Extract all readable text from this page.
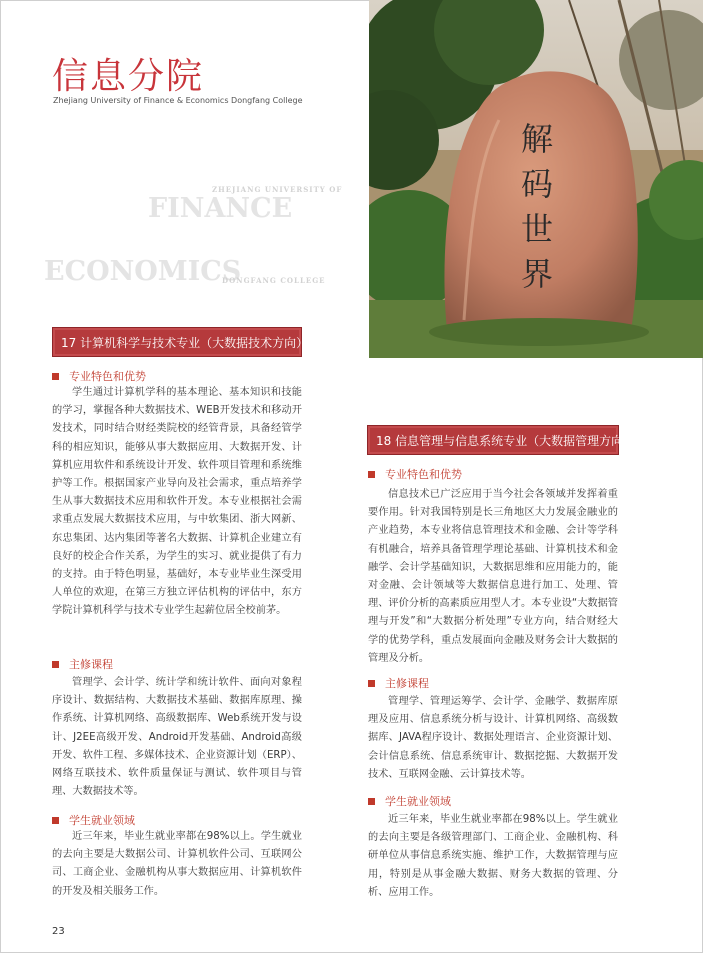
信息分院
Zhejiang University of Finance & Economics Dongfang College
ZHEJIANG UNIVERSITY OF
FINANCE
ECONOMICS
DONGFANG COLLEGE
解
码
世
界
17 计算机科学与技术专业（大数据技术方向）
专业特色和优势
学生通过计算机学科的基本理论、基本知识和技能的学习，掌握各种大数据技术、WEB开发技术和移动开发技术，同时结合财经类院校的经管背景，具备经管学科的相应知识，能够从事大数据应用、大数据开发、计算机应用软件和系统设计开发、软件项目管理和系统维护等工作。根据国家产业导向及社会需求，重点培养学生从事大数据技术应用和软件开发。本专业根据社会需求重点发展大数据技术应用，与中软集团、浙大网新、东忠集团、达内集团等著名大数据、计算机企业建立有良好的校企合作关系，为学生的实习、就业提供了有力的支持。由于特色明显，基础好，本专业毕业生深受用人单位的欢迎，在第三方独立评估机构的评估中，东方学院计算机科学与技术专业学生起薪位居全校前茅。
主修课程
管理学、会计学、统计学和统计软件、面向对象程序设计、数据结构、大数据技术基础、数据库原理、操作系统、计算机网络、高级数据库、Web系统开发与设计、J2EE高级开发、Android开发基础、Android高级开发、软件工程、多媒体技术、企业资源计划（ERP）、网络互联技术、软件质量保证与测试、软件项目与管理、大数据技术等。
学生就业领域
近三年来，毕业生就业率都在98%以上。学生就业的去向主要是大数据公司、计算机软件公司、互联网公司、工商企业、金融机构从事大数据应用、计算机软件的开发及相关服务工作。
18 信息管理与信息系统专业（大数据管理方向）
专业特色和优势
信息技术已广泛应用于当今社会各领域并发挥着重要作用。针对我国特别是长三角地区大力发展金融业的产业趋势，本专业将信息管理技术和金融、会计等学科有机融合，培养具备管理学理论基础、计算机技术和金融学、会计学基础知识，大数据思维和应用能力的，能对金融、会计领域等大数据信息进行加工、处理、管理、评价分析的高素质应用型人才。本专业设“大数据管理与开发”和“大数据分析处理”专业方向，结合财经大学的优势学科，重点发展面向金融及财务会计大数据的管理及分析。
主修课程
管理学、管理运筹学、会计学、金融学、数据库原理及应用、信息系统分析与设计、计算机网络、高级数据库、JAVA程序设计、数据处理语言、企业资源计划、会计信息系统、信息系统审计、数据挖掘、大数据开发技术、互联网金融、云计算技术等。
学生就业领域
近三年来，毕业生就业率都在98%以上。学生就业的去向主要是各级管理部门、工商企业、金融机构、科研单位从事信息系统实施、维护工作，大数据管理与应用，特别是从事金融大数据、财务大数据的管理、分析、应用工作。
23
